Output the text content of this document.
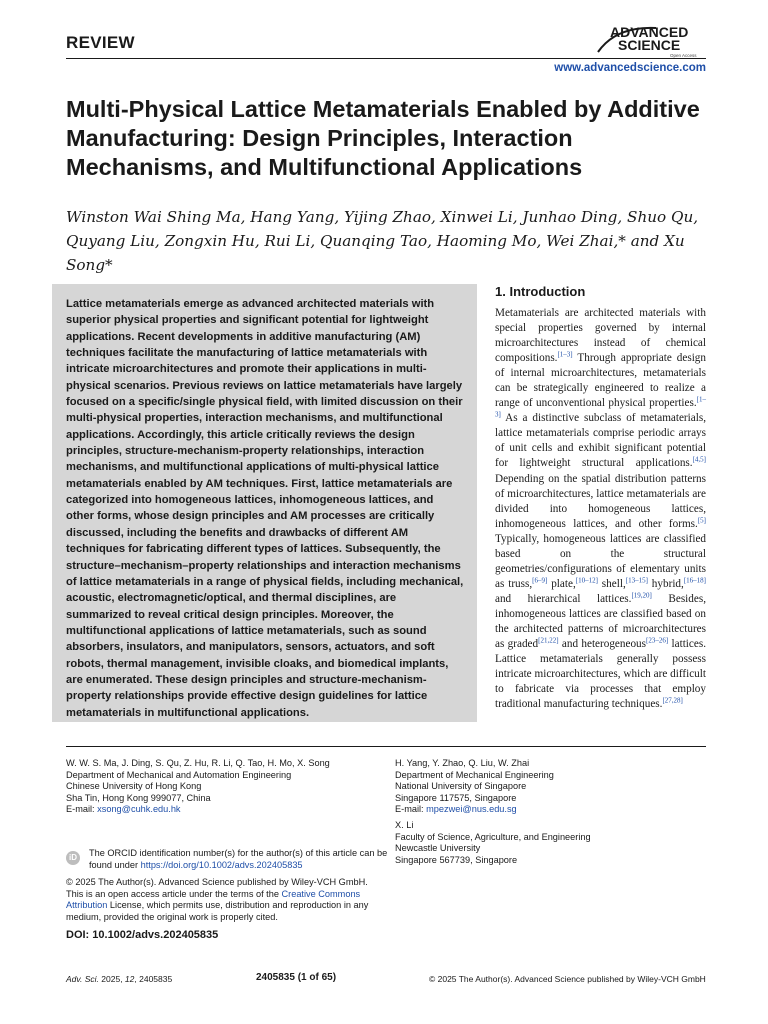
REVIEW
ADVANCED
SCIENCE
Open Access
www.advancedscience.com
Multi-Physical Lattice Metamaterials Enabled by Additive Manufacturing: Design Principles, Interaction Mechanisms, and Multifunctional Applications
Winston Wai Shing Ma, Hang Yang, Yijing Zhao, Xinwei Li, Junhao Ding, Shuo Qu,
Quyang Liu, Zongxin Hu, Rui Li, Quanqing Tao, Haoming Mo, Wei Zhai,* and Xu Song*
Lattice metamaterials emerge as advanced architected materials with superior physical properties and significant potential for lightweight applications. Recent developments in additive manufacturing (AM) techniques facilitate the manufacturing of lattice metamaterials with intricate microarchitectures and promote their applications in multi-physical scenarios. Previous reviews on lattice metamaterials have largely focused on a specific/single physical field, with limited discussion on their multi-physical properties, interaction mechanisms, and multifunctional applications. Accordingly, this article critically reviews the design principles, structure-mechanism-property relationships, interaction mechanisms, and multifunctional applications of multi-physical lattice metamaterials enabled by AM techniques. First, lattice metamaterials are categorized into homogeneous lattices, inhomogeneous lattices, and other forms, whose design principles and AM processes are critically discussed, including the benefits and drawbacks of different AM techniques for fabricating different types of lattices. Subsequently, the structure–mechanism–property relationships and interaction mechanisms of lattice metamaterials in a range of physical fields, including mechanical, acoustic, electromagnetic/optical, and thermal disciplines, are summarized to reveal critical design principles. Moreover, the multifunctional applications of lattice metamaterials, such as sound absorbers, insulators, and manipulators, sensors, actuators, and soft robots, thermal management, invisible cloaks, and biomedical implants, are enumerated. These design principles and structure-mechanism-property relationships provide effective design guidelines for lattice metamaterials in multifunctional applications.
1. Introduction
Metamaterials are architected materials with special properties governed by internal microarchitectures instead of chemical compositions.[1–3] Through appropriate design of internal microarchitectures, metamaterials can be strategically engineered to realize a range of unconventional physical properties.[1–3] As a distinctive subclass of metamaterials, lattice metamaterials comprise periodic arrays of unit cells and exhibit significant potential for lightweight structural applications.[4,5] Depending on the spatial distribution patterns of microarchitectures, lattice metamaterials are divided into homogeneous lattices, inhomogeneous lattices, and other forms.[5] Typically, homogeneous lattices are classified based on the structural geometries/configurations of elementary units as truss,[6–9] plate,[10–12] shell,[13–15] hybrid,[16–18] and hierarchical lattices.[19,20] Besides, inhomogeneous lattices are classified based on the architected patterns of microarchitectures as graded[21,22] and heterogeneous[23–26] lattices. Lattice metamaterials generally possess intricate microarchitectures, which are difficult to fabricate via processes that employ traditional manufacturing techniques.[27,28]
W. W. S. Ma, J. Ding, S. Qu, Z. Hu, R. Li, Q. Tao, H. Mo, X. Song
Department of Mechanical and Automation Engineering
Chinese University of Hong Kong
Sha Tin, Hong Kong 999077, China
E-mail: xsong@cuhk.edu.hk
H. Yang, Y. Zhao, Q. Liu, W. Zhai
Department of Mechanical Engineering
National University of Singapore
Singapore 117575, Singapore
E-mail: mpezwei@nus.edu.sg
X. Li
Faculty of Science, Agriculture, and Engineering
Newcastle University
Singapore 567739, Singapore
iD	The ORCID identification number(s) for the author(s) of this article can be found under https://doi.org/10.1002/advs.202405835
© 2025 The Author(s). Advanced Science published by Wiley-VCH GmbH. This is an open access article under the terms of the Creative Commons Attribution License, which permits use, distribution and reproduction in any medium, provided the original work is properly cited.
DOI: 10.1002/advs.202405835
Adv. Sci. 2025, 12, 2405835	2405835 (1 of 65)	© 2025 The Author(s). Advanced Science published by Wiley-VCH GmbH
